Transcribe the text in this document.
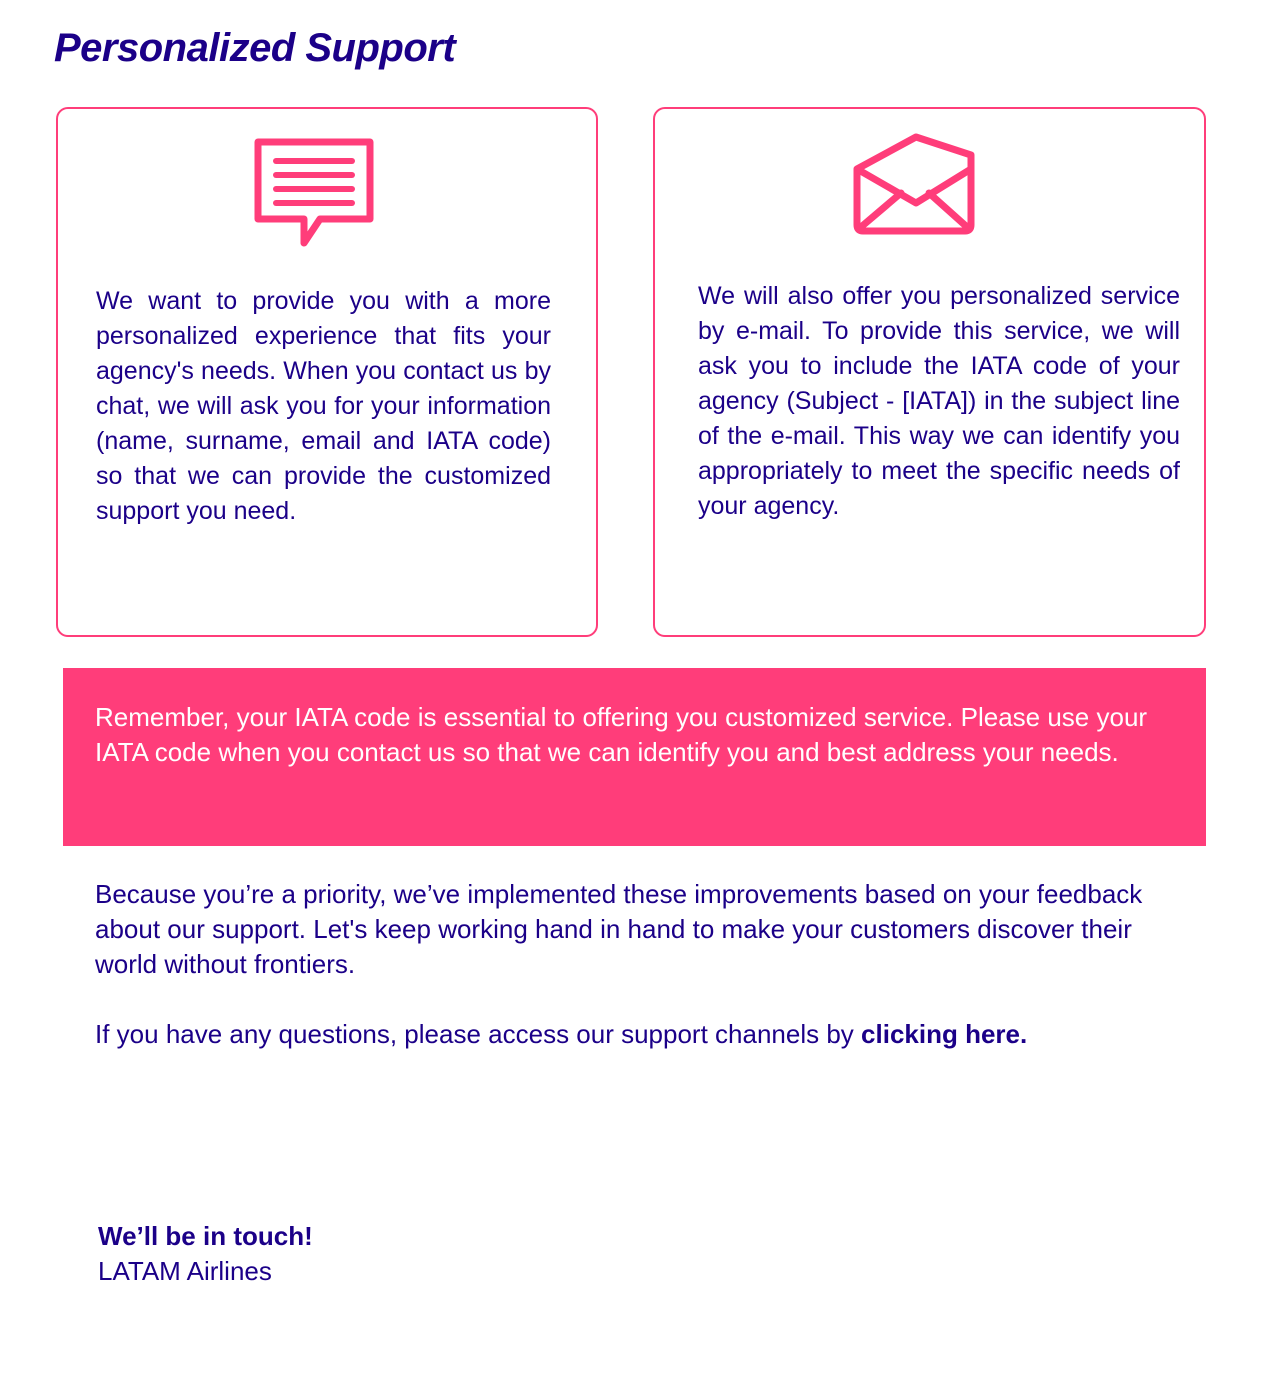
Personalized Support

We want to provide you with a more personalized experience that fits your agency's needs. When you contact us by chat, we will ask you for your information (name, surname, email and IATA code) so that we can provide the customized support you need.

We will also offer you personalized service by e-mail. To provide this service, we will ask you to include the IATA code of your agency (Subject - [IATA]) in the subject line of the e-mail. This way we can identify you appropriately to meet the specific needs of your agency.

Remember, your IATA code is essential to offering you customized service. Please use your IATA code when you contact us so that we can identify you and best address your needs.

Because you’re a priority, we’ve implemented these improvements based on your feedback about our support. Let's keep working hand in hand to make your customers discover their world without frontiers.

If you have any questions, please access our support channels by clicking here.

We’ll be in touch!
LATAM Airlines
